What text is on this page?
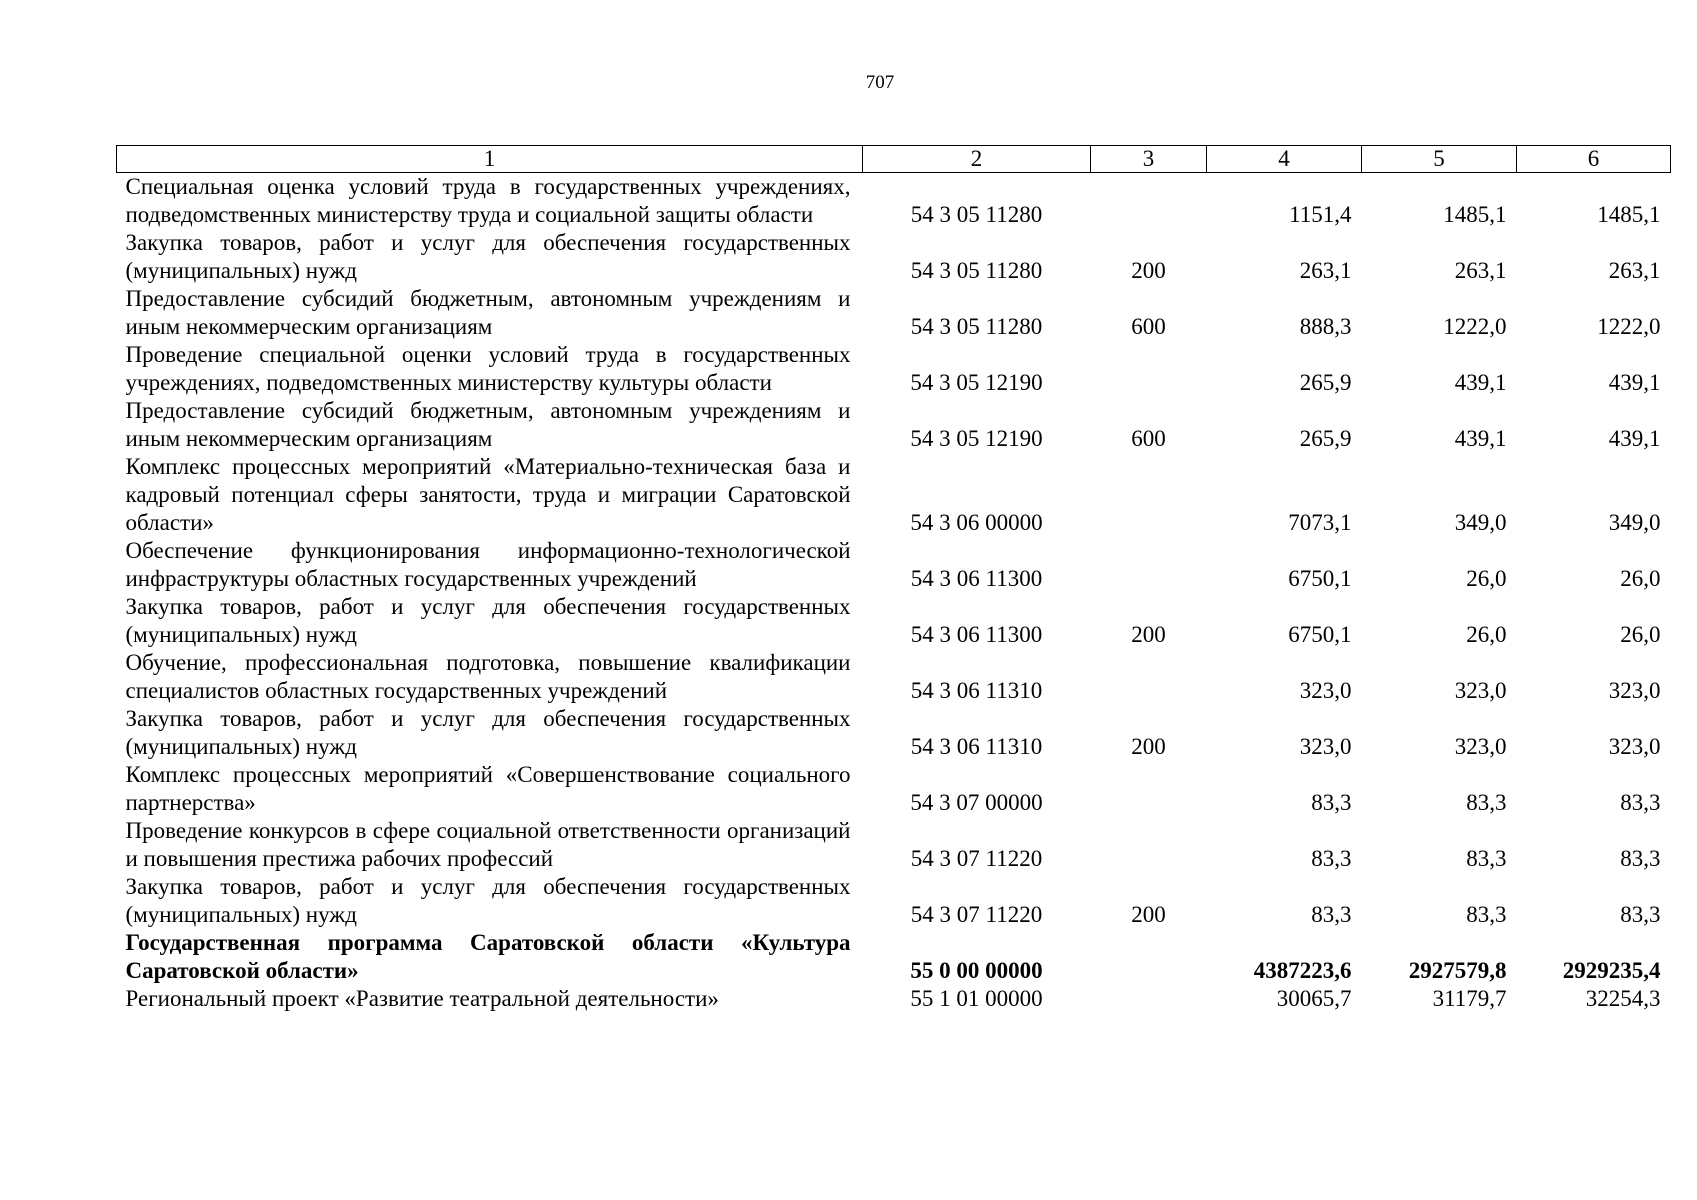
707
1	2	3	4	5	6
Специальная оценка условий труда в государственных учреждениях, подведомственных министерству труда и социальной защиты области	54 3 05 11280		1151,4	1485,1	1485,1
Закупка товаров, работ и услуг для обеспечения государственных (муниципальных) нужд	54 3 05 11280	200	263,1	263,1	263,1
Предоставление субсидий бюджетным, автономным учреждениям и иным некоммерческим организациям	54 3 05 11280	600	888,3	1222,0	1222,0
Проведение специальной оценки условий труда в государственных учреждениях, подведомственных министерству культуры области	54 3 05 12190		265,9	439,1	439,1
Предоставление субсидий бюджетным, автономным учреждениям и иным некоммерческим организациям	54 3 05 12190	600	265,9	439,1	439,1
Комплекс процессных мероприятий «Материально-техническая база и кадровый потенциал сферы занятости, труда и миграции Саратовской области»	54 3 06 00000		7073,1	349,0	349,0
Обеспечение функционирования информационно-технологической инфраструктуры областных государственных учреждений	54 3 06 11300		6750,1	26,0	26,0
Закупка товаров, работ и услуг для обеспечения государственных (муниципальных) нужд	54 3 06 11300	200	6750,1	26,0	26,0
Обучение, профессиональная подготовка, повышение квалификации специалистов областных государственных учреждений	54 3 06 11310		323,0	323,0	323,0
Закупка товаров, работ и услуг для обеспечения государственных (муниципальных) нужд	54 3 06 11310	200	323,0	323,0	323,0
Комплекс процессных мероприятий «Совершенствование социального партнерства»	54 3 07 00000		83,3	83,3	83,3
Проведение конкурсов в сфере социальной ответственности организаций и повышения престижа рабочих профессий	54 3 07 11220		83,3	83,3	83,3
Закупка товаров, работ и услуг для обеспечения государственных (муниципальных) нужд	54 3 07 11220	200	83,3	83,3	83,3
Государственная программа Саратовской области «Культура Саратовской области»	55 0 00 00000		4387223,6	2927579,8	2929235,4
Региональный проект «Развитие театральной деятельности»	55 1 01 00000		30065,7	31179,7	32254,3
